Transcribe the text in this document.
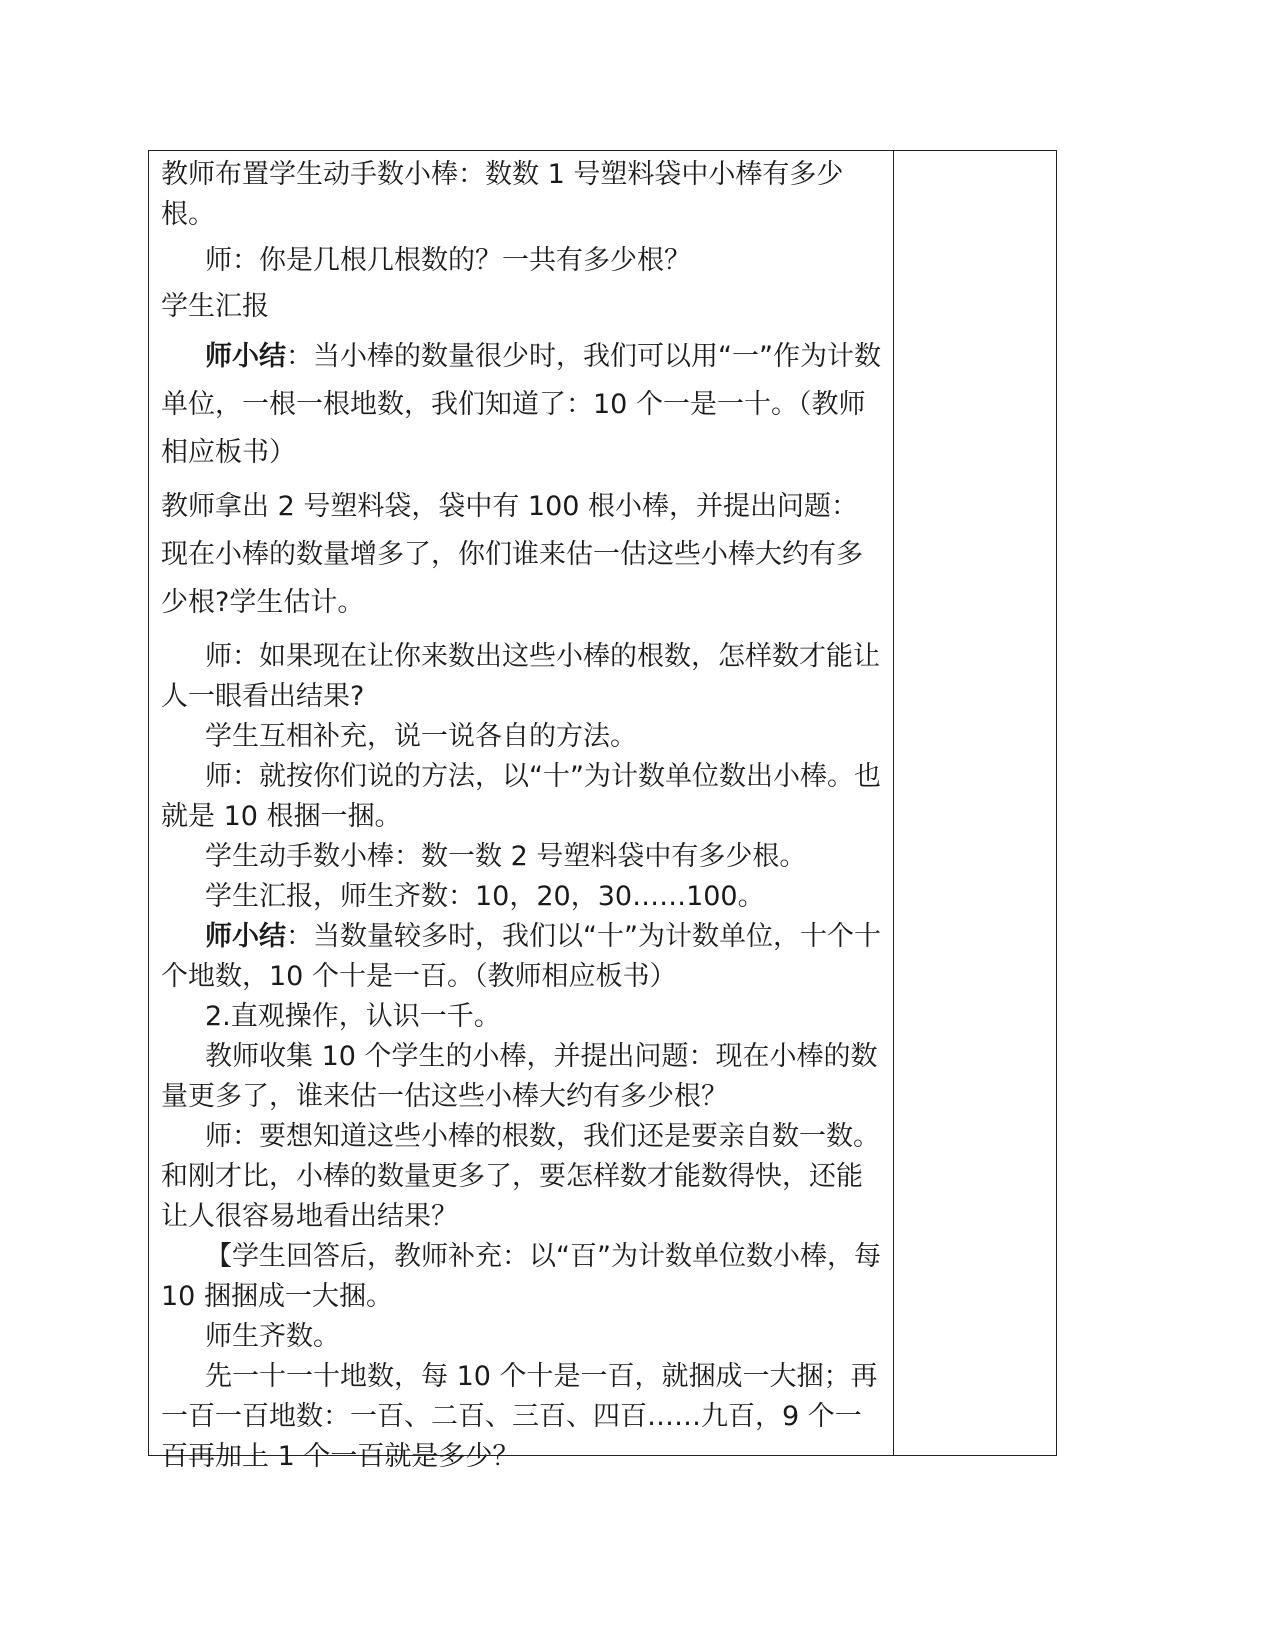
教师布置学生动手数小棒：数数 1 号塑料袋中小棒有多少根。

师：你是几根几根数的？一共有多少根？

学生汇报

师小结：当小棒的数量很少时，我们可以用“一”作为计数单位，一根一根地数，我们知道了：10 个一是一十。（教师相应板书）

教师拿出 2 号塑料袋，袋中有 100 根小棒，并提出问题：现在小棒的数量增多了，你们谁来估一估这些小棒大约有多少根?学生估计。

师：如果现在让你来数出这些小棒的根数，怎样数才能让人一眼看出结果?

学生互相补充，说一说各自的方法。

师：就按你们说的方法，以“十”为计数单位数出小棒。也就是 10 根捆一捆。

学生动手数小棒：数一数 2 号塑料袋中有多少根。

学生汇报，师生齐数：10，20，30……100。

师小结：当数量较多时，我们以“十”为计数单位，十个十个地数，10 个十是一百。（教师相应板书）

2.直观操作，认识一千。

教师收集 10 个学生的小棒，并提出问题：现在小棒的数量更多了，谁来估一估这些小棒大约有多少根？

师：要想知道这些小棒的根数，我们还是要亲自数一数。和刚才比，小棒的数量更多了，要怎样数才能数得快，还能让人很容易地看出结果？

【学生回答后，教师补充：以“百”为计数单位数小棒，每 10 捆捆成一大捆。

师生齐数。

先一十一十地数，每 10 个十是一百，就捆成一大捆；再一百一百地数：一百、二百、三百、四百……九百，9 个一百再加上 1 个一百就是多少？
